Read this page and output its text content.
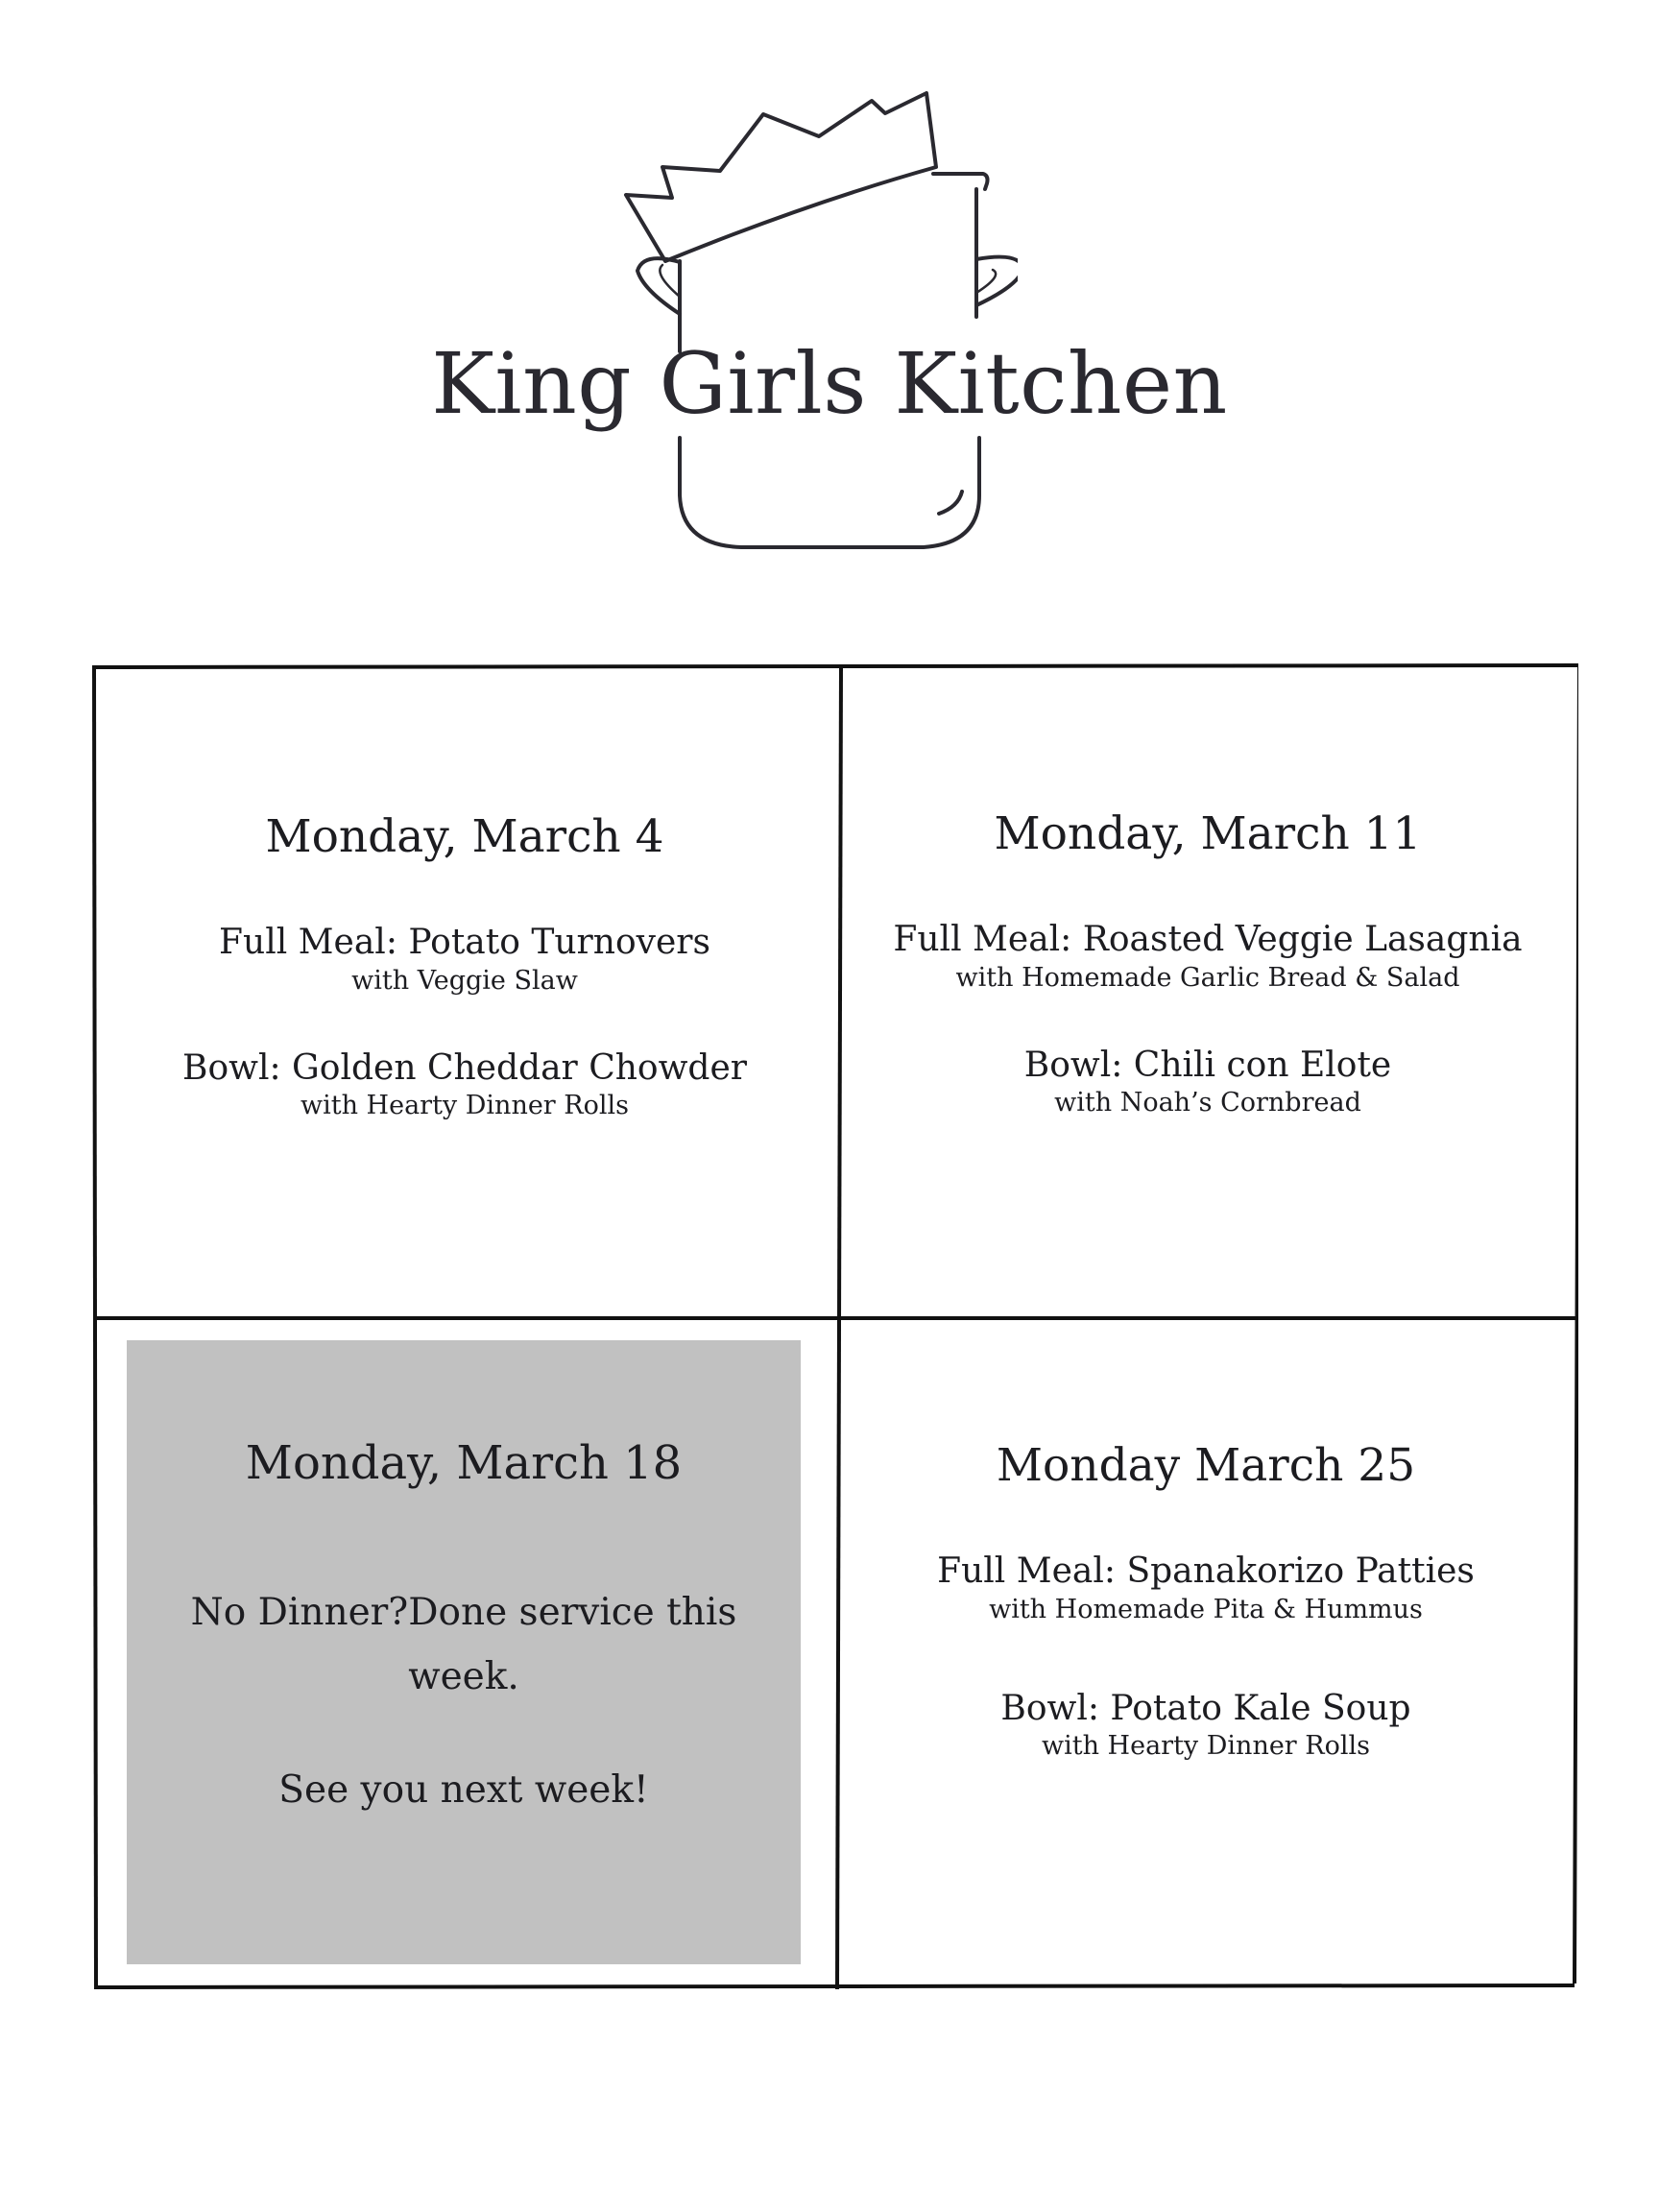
King Girls Kitchen
Monday, March 4
Full Meal: Potato Turnovers
with Veggie Slaw
Bowl: Golden Cheddar Chowder
with Hearty Dinner Rolls
Monday, March 11
Full Meal: Roasted Veggie Lasagnia
with Homemade Garlic Bread & Salad
Bowl: Chili con Elote
with Noah’s Cornbread
Monday, March 18
No Dinner?Done service this week.
See you next week!
Monday March 25
Full Meal: Spanakorizo Patties
with Homemade Pita & Hummus
Bowl: Potato Kale Soup
with Hearty Dinner Rolls
